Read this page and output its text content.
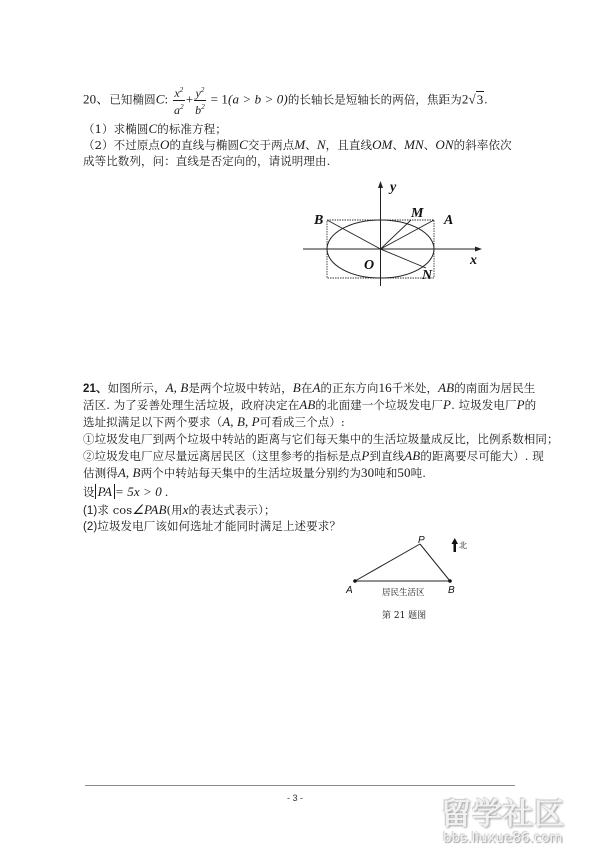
20、已知椭圆C: $\frac{x^2}{a^2} + \frac{y^2}{b^2} = 1(a > b > 0)$的长轴长是短轴长的两倍，焦距为2√3.
（1）求椭圆C的标准方程；
（2）不过原点O的直线与椭圆C交于两点M、N，且直线OM、MN、ON的斜率依次
成等比数列，问：直线是否定向的，请说明理由.
y
B	M A
O
N
x
21、如图所示，A, B是两个垃圾中转站，B在A的正东方向16千米处，AB的南面为居民生
活区. 为了妥善处理生活垃圾，政府决定在AB的北面建一个垃圾发电厂P. 垃圾发电厂P的
选址拟满足以下两个要求（A, B, P可看成三个点）:
①垃圾发电厂到两个垃圾中转站的距离与它们每天集中的生活垃圾量成反比，比例系数相同；
②垃圾发电厂应尽量远离居民区（这里参考的指标是点P到直线AB的距离要尽可能大）. 现
估测得A, B两个中转站每天集中的生活垃圾量分别约为30吨和50吨.
设 PA = 5x > 0 .
(1)求 cos∠PAB(用x的表达式表示）；
(2)垃圾发电厂该如何选址才能同时满足上述要求？
P
A	B
北
居民生活区
第 21 题图
- 3 -	留学社区
bbs.liuxue86.com
